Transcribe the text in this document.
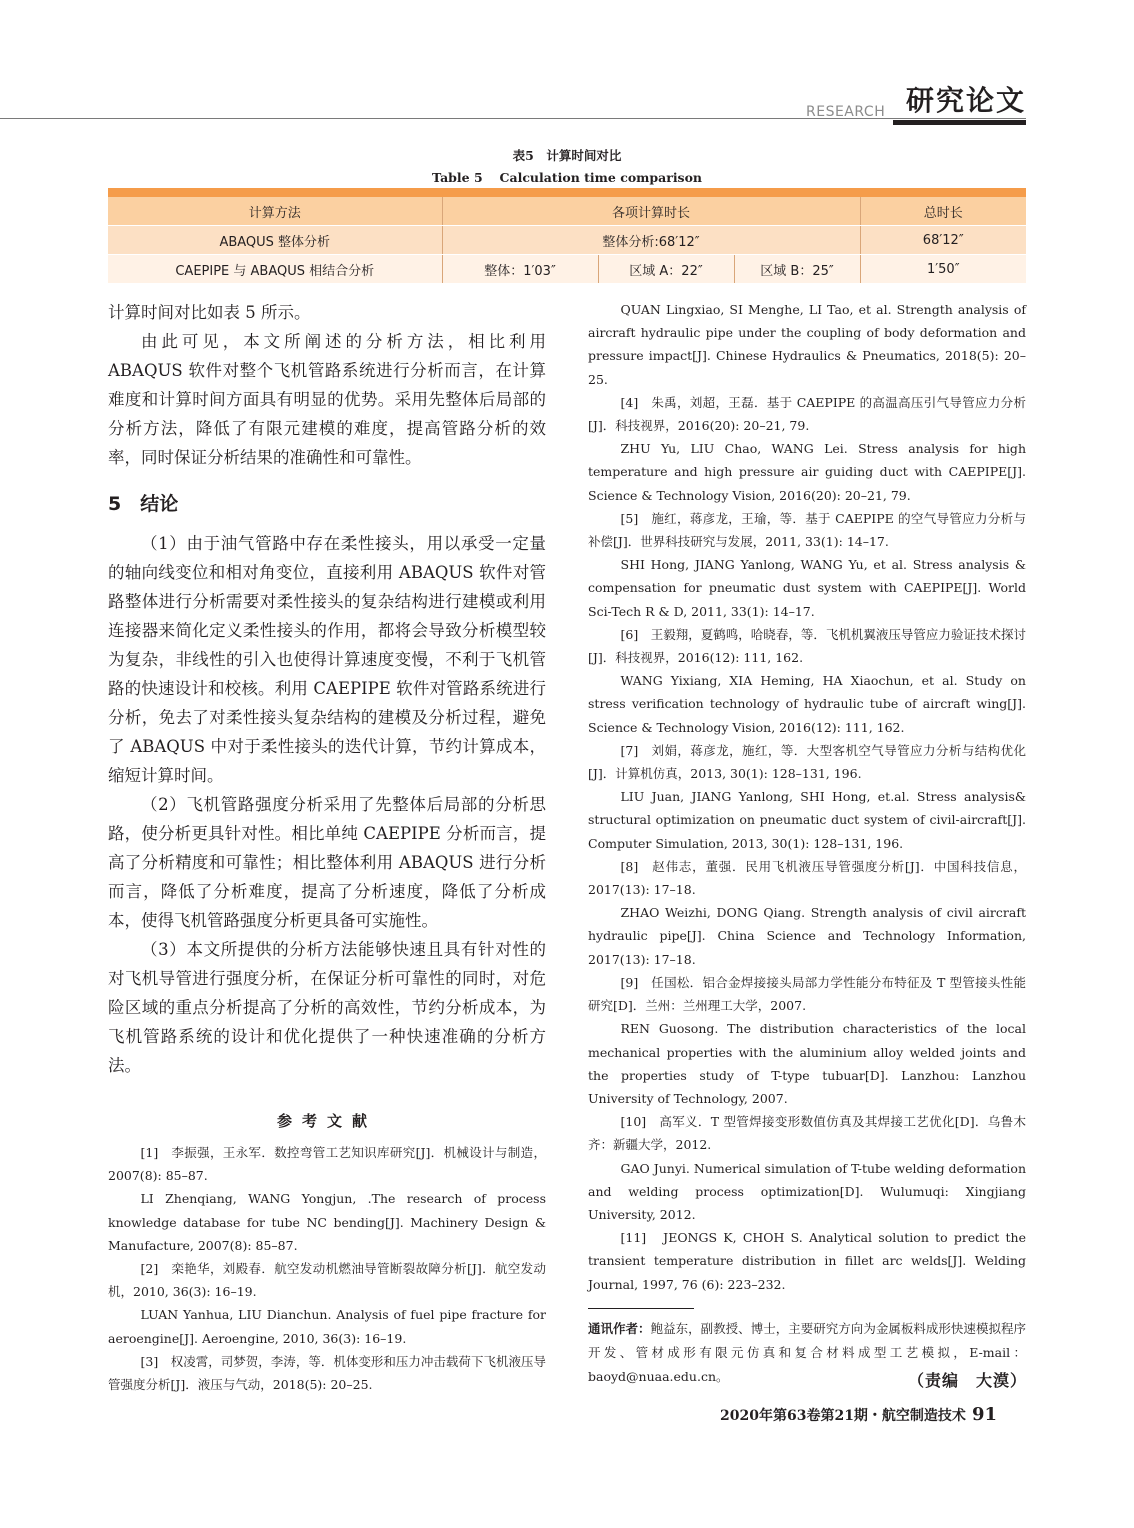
RESEARCH 研究论文
表5　计算时间对比
Table 5　 Calculation time comparison

计算方法	各项计算时长			总时长
ABAQUS 整体分析	整体分析:68′12″			68′12″
CAEPIPE 与 ABAQUS 相结合分析	整体：1′03″	区域 A：22″	区域 B：25″	1′50″

计算时间对比如表 5 所示。

由此可见，本文所阐述的分析方法，相比利用 ABAQUS 软件对整个飞机管路系统进行分析而言，在计算难度和计算时间方面具有明显的优势。采用先整体后局部的分析方法，降低了有限元建模的难度，提高管路分析的效率，同时保证分析结果的准确性和可靠性。

5　结论

（1）由于油气管路中存在柔性接头，用以承受一定量的轴向线变位和相对角变位，直接利用 ABAQUS 软件对管路整体进行分析需要对柔性接头的复杂结构进行建模或利用连接器来简化定义柔性接头的作用，都将会导致分析模型较为复杂，非线性的引入也使得计算速度变慢，不利于飞机管路的快速设计和校核。利用 CAEPIPE 软件对管路系统进行分析，免去了对柔性接头复杂结构的建模及分析过程，避免了 ABAQUS 中对于柔性接头的迭代计算，节约计算成本，缩短计算时间。

（2）飞机管路强度分析采用了先整体后局部的分析思路，使分析更具针对性。相比单纯 CAEPIPE 分析而言，提高了分析精度和可靠性；相比整体利用 ABAQUS 进行分析而言，降低了分析难度，提高了分析速度，降低了分析成本，使得飞机管路强度分析更具备可实施性。

（3）本文所提供的分析方法能够快速且具有针对性的对飞机导管进行强度分析，在保证分析可靠性的同时，对危险区域的重点分析提高了分析的高效性，节约分析成本，为飞机管路系统的设计和优化提供了一种快速准确的分析方法。

参考文献

[1]　李振强，王永军．数控弯管工艺知识库研究[J]．机械设计与制造，2007(8): 85–87.

LI Zhenqiang, WANG Yongjun, .The research of process knowledge database for tube NC bending[J]. Machinery Design & Manufacture, 2007(8): 85–87.

[2]　栾艳华，刘殿春．航空发动机燃油导管断裂故障分析[J]．航空发动机，2010, 36(3): 16–19.

LUAN Yanhua, LIU Dianchun. Analysis of fuel pipe fracture for aeroengine[J]. Aeroengine, 2010, 36(3): 16–19.

[3]　权凌霄，司梦贺，李涛，等．机体变形和压力冲击载荷下飞机液压导管强度分析[J]．液压与气动，2018(5): 20–25.

QUAN Lingxiao, SI Menghe, LI Tao, et al. Strength analysis of aircraft hydraulic pipe under the coupling of body deformation and pressure impact[J]. Chinese Hydraulics & Pneumatics, 2018(5): 20–25.

[4]　朱禹，刘超，王磊．基于 CAEPIPE 的高温高压引气导管应力分析[J]．科技视界，2016(20): 20–21, 79.

ZHU Yu, LIU Chao, WANG Lei. Stress analysis for high temperature and high pressure air guiding duct with CAEPIPE[J]. Science & Technology Vision, 2016(20): 20–21, 79.

[5]　施红，蒋彦龙，王瑜，等．基于 CAEPIPE 的空气导管应力分析与补偿[J]．世界科技研究与发展，2011, 33(1): 14–17.

SHI Hong, JIANG Yanlong, WANG Yu, et al. Stress analysis & compensation for pneumatic dust system with CAEPIPE[J]. World Sci-Tech R & D, 2011, 33(1): 14–17.

[6]　王毅翔，夏鹤鸣，哈晓春，等．飞机机翼液压导管应力验证技术探讨[J]．科技视界，2016(12): 111, 162.

WANG Yixiang, XIA Heming, HA Xiaochun, et al. Study on stress verification technology of hydraulic tube of aircraft wing[J]. Science & Technology Vision, 2016(12): 111, 162.

[7]　刘娟，蒋彦龙，施红，等．大型客机空气导管应力分析与结构优化[J]．计算机仿真，2013, 30(1): 128–131, 196.

LIU Juan, JIANG Yanlong, SHI Hong, et.al. Stress analysis& structural optimization on pneumatic duct system of civil-aircraft[J]. Computer Simulation, 2013, 30(1): 128–131, 196.

[8]　赵伟志，董强．民用飞机液压导管强度分析[J]．中国科技信息，2017(13): 17–18.

ZHAO Weizhi, DONG Qiang. Strength analysis of civil aircraft hydraulic pipe[J]. China Science and Technology Information, 2017(13): 17–18.

[9]　任国松．铝合金焊接接头局部力学性能分布特征及 T 型管接头性能研究[D]．兰州：兰州理工大学，2007.

REN Guosong. The distribution characteristics of the local mechanical properties with the aluminium alloy welded joints and the properties study of T-type tubuar[D]. Lanzhou: Lanzhou University of Technology, 2007.

[10]　高军义．T 型管焊接变形数值仿真及其焊接工艺优化[D]．乌鲁木齐：新疆大学，2012.

GAO Junyi. Numerical simulation of T-tube welding deformation and welding process optimization[D]. Wulumuqi: Xingjiang University, 2012.

[11]　JEONGS K, CHOH S. Analytical solution to predict the transient temperature distribution in fillet arc welds[J]. Welding Journal, 1997, 76 (6): 223–232.

通讯作者：鲍益东，副教授、博士，主要研究方向为金属板料成形快速模拟程序开发、管材成形有限元仿真和复合材料成型工艺模拟，E-mail：baoyd@nuaa.edu.cn。	（责编　大漠）
2020年第63卷第21期・航空制造技术 91
